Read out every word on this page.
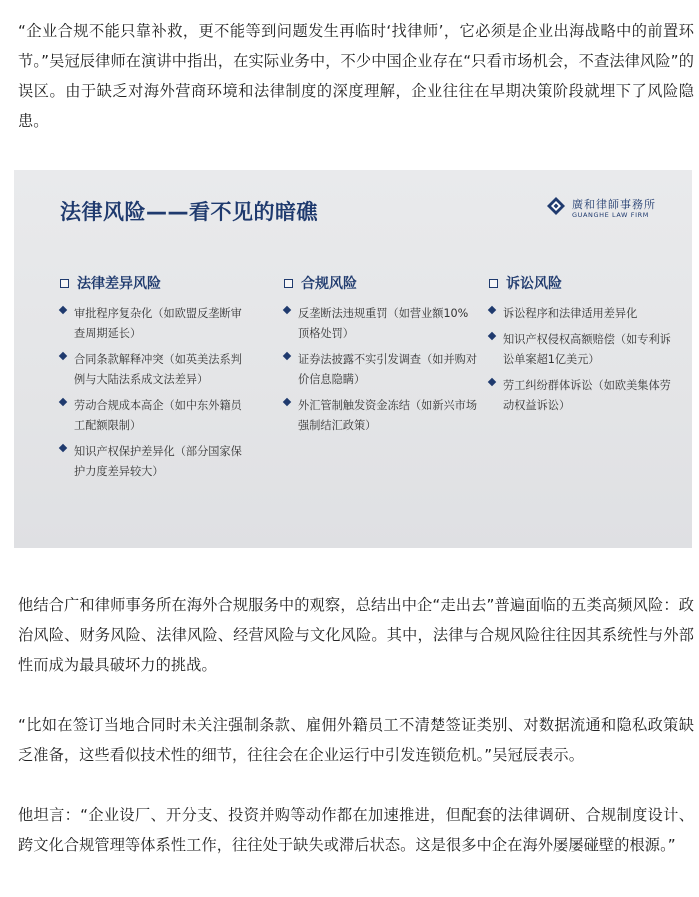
“企业合规不能只靠补救，更不能等到问题发生再临时‘找律师’，它必须是企业出海战略中的前置环节。”吴冠辰律师在演讲中指出，在实际业务中，不少中国企业存在“只看市场机会，不查法律风险”的误区。由于缺乏对海外营商环境和法律制度的深度理解，企业往往在早期决策阶段就埋下了风险隐患。

法律风险——看不见的暗礁	廣和律師事務所
GUANGHE LAW FIRM
法律差异风险
审批程序复杂化（如欧盟反垄断审查周期延长）
合同条款解释冲突（如英美法系判例与大陆法系成文法差异）
劳动合规成本高企（如中东外籍员工配额限制）
知识产权保护差异化（部分国家保护力度差异较大）
合规风险
反垄断法违规重罚（如营业额10%顶格处罚）
证券法披露不实引发调查（如并购对价信息隐瞒）
外汇管制触发资金冻结（如新兴市场强制结汇政策）
诉讼风险
诉讼程序和法律适用差异化
知识产权侵权高额赔偿（如专利诉讼单案超1亿美元）
劳工纠纷群体诉讼（如欧美集体劳动权益诉讼）

他结合广和律师事务所在海外合规服务中的观察，总结出中企“走出去”普遍面临的五类高频风险：政治风险、财务风险、法律风险、经营风险与文化风险。其中，法律与合规风险往往因其系统性与外部性而成为最具破坏力的挑战。

“比如在签订当地合同时未关注强制条款、雇佣外籍员工不清楚签证类别、对数据流通和隐私政策缺乏准备，这些看似技术性的细节，往往会在企业运行中引发连锁危机。”吴冠辰表示。

他坦言：“企业设厂、开分支、投资并购等动作都在加速推进，但配套的法律调研、合规制度设计、跨文化合规管理等体系性工作，往往处于缺失或滞后状态。这是很多中企在海外屡屡碰壁的根源。”
